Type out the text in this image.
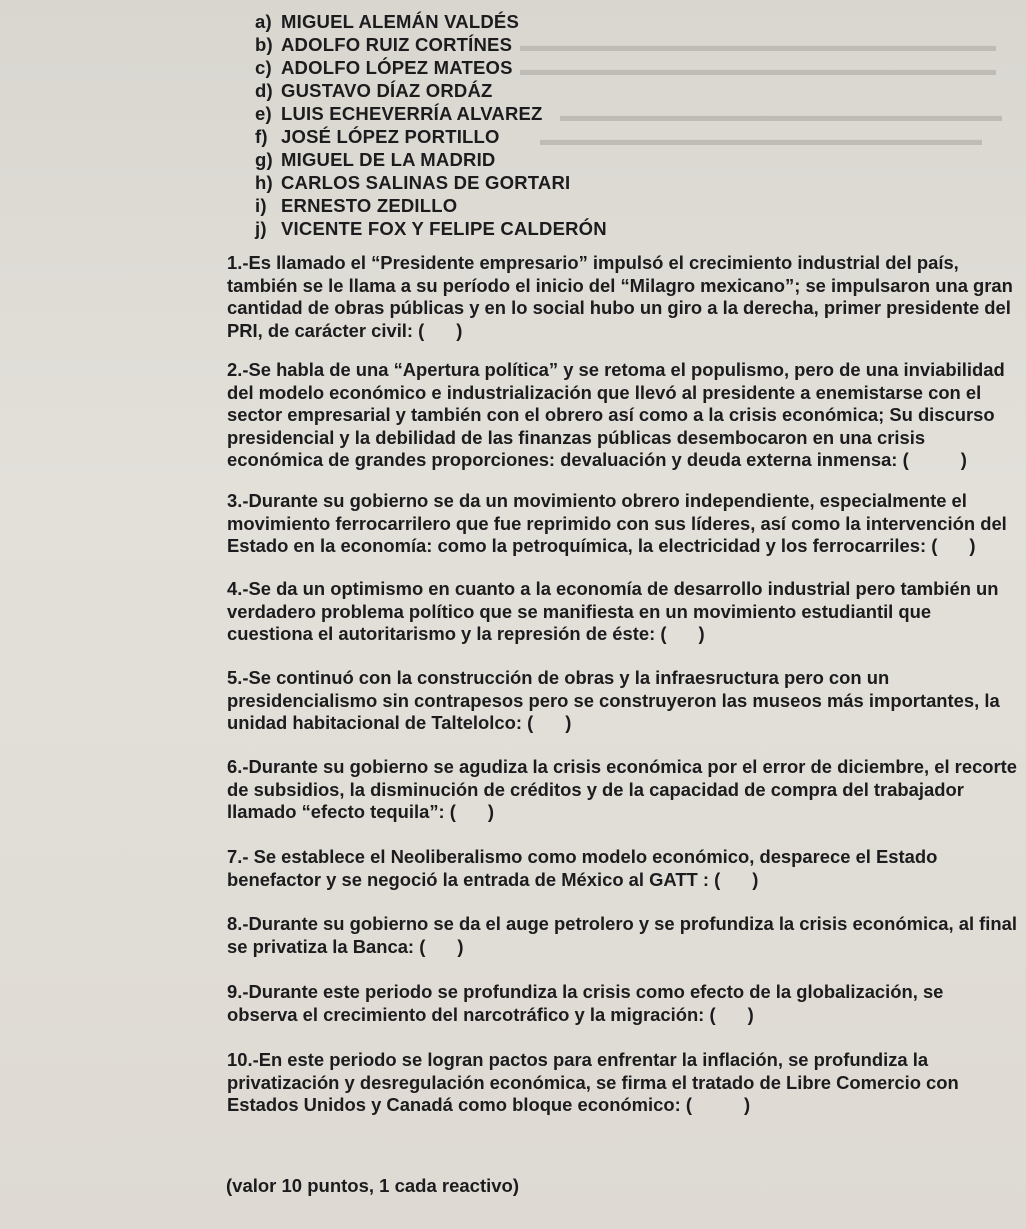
▬▬▬▬▬▬▬▬▬▬▬▬▬▬▬▬▬▬▬▬▬▬▬▬▬▬▬▬
▬▬▬▬▬▬▬▬▬▬▬▬▬▬▬▬▬▬▬▬▬▬▬▬▬▬▬▬
▬▬▬▬▬▬▬▬▬▬▬▬▬▬▬▬▬▬▬▬▬▬▬▬▬▬
▬▬▬▬▬▬▬▬▬▬▬▬▬▬▬▬▬▬▬▬▬▬▬▬▬▬
a) MIGUEL ALEMÁN VALDÉS
b) ADOLFO RUIZ CORTÍNES
c) ADOLFO LÓPEZ MATEOS
d) GUSTAVO DÍAZ ORDÁZ
e) LUIS ECHEVERRÍA ALVAREZ
f) JOSÉ LÓPEZ PORTILLO
g) MIGUEL DE LA MADRID
h) CARLOS SALINAS DE GORTARI
i) ERNESTO ZEDILLO
j) VICENTE FOX Y FELIPE CALDERÓN

1.-Es llamado el “Presidente empresario” impulsó el crecimiento industrial del país, también se le llama a su período el inicio del “Milagro mexicano”; se impulsaron una gran cantidad de obras públicas y en lo social hubo un giro a la derecha, primer presidente del PRI, de carácter civil: ( )

2.-Se habla de una “Apertura política” y se retoma el populismo, pero de una inviabilidad del modelo económico e industrialización que llevó al presidente a enemistarse con el sector empresarial y también con el obrero así como a la crisis económica; Su discurso presidencial y la debilidad de las finanzas públicas desembocaron en una crisis económica de grandes proporciones: devaluación y deuda externa inmensa: (	)

3.-Durante su gobierno se da un movimiento obrero independiente, especialmente el movimiento ferrocarrilero que fue reprimido con sus líderes, así como la intervención del Estado en la economía: como la petroquímica, la electricidad y los ferrocarriles: ( )

4.-Se da un optimismo en cuanto a la economía de desarrollo industrial pero también un verdadero problema político que se manifiesta en un movimiento estudiantil que cuestiona el autoritarismo y la represión de éste: ( )

5.-Se continuó con la construcción de obras y la infraesructura pero con un presidencialismo sin contrapesos pero se construyeron las museos más importantes, la unidad habitacional de Taltelolco: ( )

6.-Durante su gobierno se agudiza la crisis económica por el error de diciembre, el recorte de subsidios, la disminución de créditos y de la capacidad de compra del trabajador llamado “efecto tequila”: ( )

7.- Se establece el Neoliberalismo como modelo económico, desparece el Estado benefactor y se negoció la entrada de México al GATT : ( )

8.-Durante su gobierno se da el auge petrolero y se profundiza la crisis económica, al final se privatiza la Banca: ( )

9.-Durante este periodo se profundiza la crisis como efecto de la globalización, se observa el crecimiento del narcotráfico y la migración: ( )

10.-En este periodo se logran pactos para enfrentar la inflación, se profundiza la privatización y desregulación económica, se firma el tratado de Libre Comercio con Estados Unidos y Canadá como bloque económico: (	)

(valor 10 puntos, 1 cada reactivo)
